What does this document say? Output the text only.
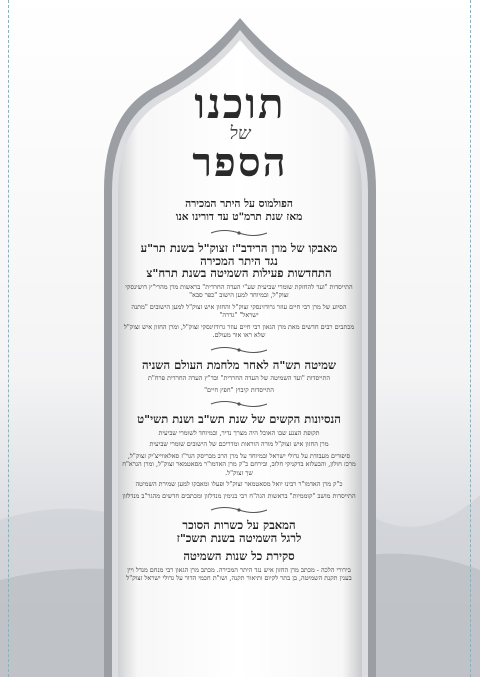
תוכנו
של
הספר

הפולמוס על היתר המכירה

מאז שנת תרמ"ט עד דורינו אנו

מאבקו של מרן הרידב"ז זצוק"ל בשנת תר"ע

נגד היתר המכירה

התחדשות פעילות השמיטה בשנת תרח"צ

התייסדות "ועד להחזקת שומרי שביעית שע"י העדה החרדית" בראשות מרן מהרי"ץ דושינסקי זצוק"ל, ובמיוחד למען הישוב "כפר סבא"

הסיוע של מרן רבי חיים עוזר גרודזינסקי זצוק"ל והחזון איש זצוק"ל למען הישובים "מתנה ישראל" "גדרה"

מכתבים רבים חדשים מאת מרן הגאון רבי חיים עוזר גרודזינסקי זצוק"ל, ומרן החזון איש זצוק"ל שלא ראו אור מעולם.

שמיטה תש"ה לאחר מלחמת העולם השניה

התייסדות "ועד השמיטה של העדה החרדית" ובד"ץ העדה החרדית פרח"ת

התייסדות קיבוץ "חפץ חיים"

הנסיונות הקשים של שנת תש"ב ושנת תשי"ט

תקופת הצנע שבו האוכל היה מצרך נדיר, ובמיוחד לשומרי שביעית

מרן החזון איש זצוק"ל מורה הוראות ומדריכם של הישובים שומרי שביעית

סיפורים מעבודת על גדולי ישראל ובמיוחד על מרן הרב מבריסק הגר"ז סאלאווייצ'יק זצוק"ל, מרכז חולון, והבעלזא בדקניקי חלוב, ובירחם כ"ק מרן האדמו"ר מסאטמאר זצוק"ל, ומרן הגרא"ח שך זצוק"ל.

כ"ק מרן האדמו"ר רבינו יואל מסאטמאר זצוק"ל ופעלו ומאבקו למען שמירת השמיטה

התייסדות מושב "קוממיות" בראשות הגה"ח רבי בנימין מנדלזון ומכתבים חדשים מהגר"ב מנדלזון

המאבק על כשרות הסוכר

לרגל השמיטה בשנת תשכ"ז

סקירת כל שנות השמיטה

בירורי הלכה - מכתב מרן החזון איש נגד היתר המכירה. מכתב מרן הגאון רבי מנחם מנדל ויין בענין תקנת השמיטה, בן בתר לקיום ותיאור תקנה, ושו"ת חכמי הדור על גדולי ישראל זצוק"ל
